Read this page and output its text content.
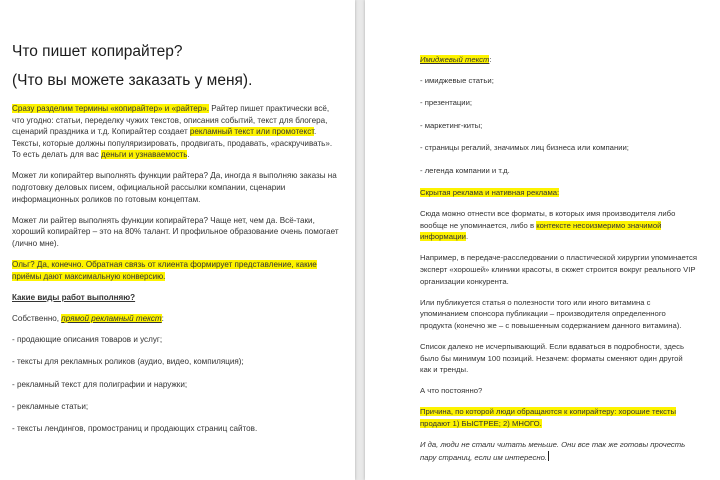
Что пишет копирайтер?
(Что вы можете заказать у меня).

Сразу разделим термины «копирайтер» и «райтер». Райтер пишет практически всё, что угодно: статьи, переделку чужих текстов, описания событий, текст для блогера, сценарий праздника и т.д. Копирайтер создает рекламный текст или промотекст. Тексты, которые должны популяризировать, продвигать, продавать, «раскручивать». То есть делать для вас деньги и узнаваемость.

Может ли копирайтер выполнять функции райтера? Да, иногда я выполняю заказы на подготовку деловых писем, официальной рассылки компании, сценарии информационных роликов по готовым концептам.

Может ли райтер выполнять функции копирайтера? Чаще нет, чем да. Всё-таки, хороший копирайтер – это на 80% талант. И профильное образование очень помогает (лично мне).

Ольг? Да, конечно. Обратная связь от клиента формирует представление, какие приёмы дают максимальную конверсию.

Какие виды работ выполняю?

Собственно, прямой рекламный текст:

- продающие описания товаров и услуг;
- тексты для рекламных роликов (аудио, видео, компиляция);
- рекламный текст для полиграфии и наружки;
- рекламные статьи;
- тексты лендингов, промостраниц и продающих страниц сайтов.

Имиджевый текст:

- имиджевые статьи;
- презентации;
- маркетинг-киты;
- страницы регалий, значимых лиц бизнеса или компании;
- легенда компании и т.д.

Скрытая реклама и нативная реклама:

Сюда можно отнести все форматы, в которых имя производителя либо
вообще не упоминается, либо в контексте несоизмеримо значимой
информации.

Например, в передаче-расследовании о пластической хирургии упоминается
эксперт «хорошей» клиники красоты, в сюжет строится вокруг реального VIP
организации конкурента.

Или публикуется статья о полезности того или иного витамина с
упоминанием спонсора публикации – производителя определенного
продукта (конечно же – с повышенным содержанием данного витамина).

Список далеко не исчерпывающий. Если вдаваться в подробности, здесь
было бы минимум 100 позиций. Незачем: форматы сменяют один другой
как и тренды.

А что постоянно?

Причина, по которой люди обращаются к копирайтеру: хорошие тексты
продают 1) БЫСТРЕЕ; 2) МНОГО.

И да, люди не стали читать меньше. Они все так же готовы прочесть
пару страниц, если им интересно.
